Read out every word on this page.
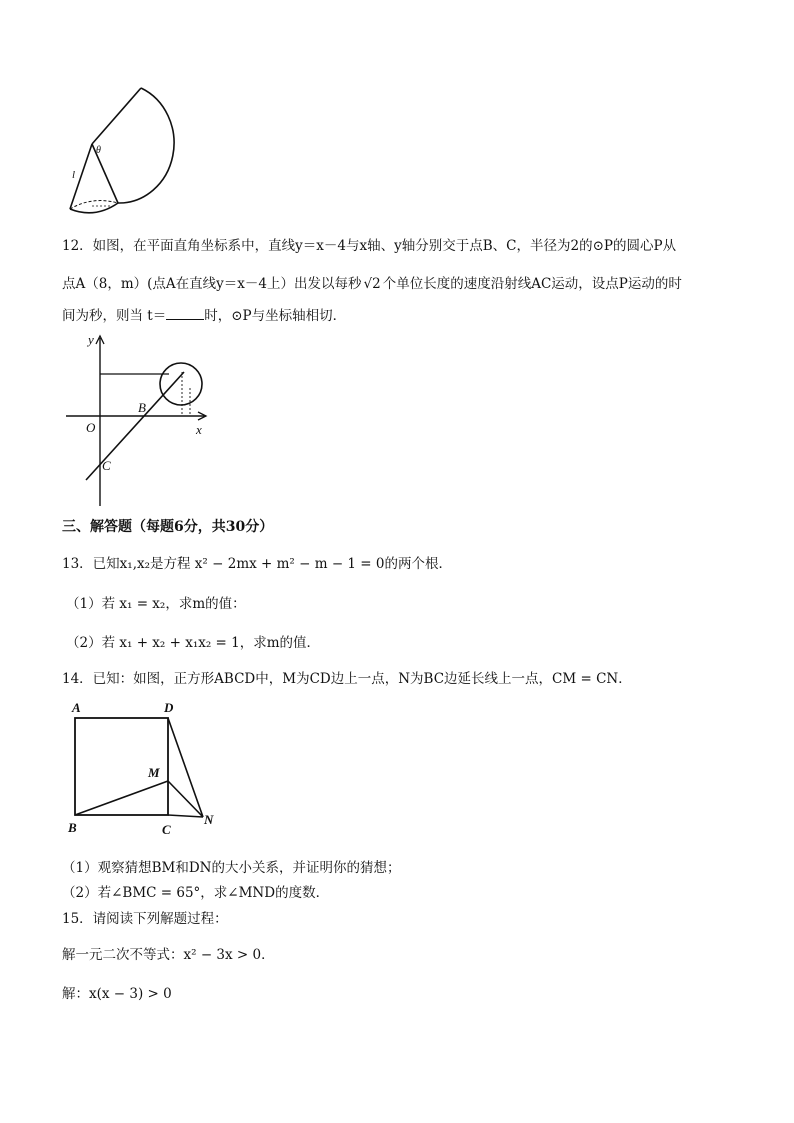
l
θ
12．如图，在平面直角坐标系中，直线y＝x－4与x轴、y轴分别交于点B、C，半径为2的⊙P的圆心P从
点A（8，m）(点A在直线y＝x－4上）出发以每秒 √2 个单位长度的速度沿射线AC运动，设点P运动的时
间为秒，则当 t＝	时，⊙P与坐标轴相切．
y
x
O
B
C
三、解答题（每题6分，共30分）
13．已知x₁,x₂是方程 x² − 2mx + m² − m − 1 = 0的两个根．
（1）若 x₁ = x₂，求m的值：
（2）若 x₁ + x₂ + x₁x₂ = 1，求m的值．
14．已知：如图，正方形ABCD中，M为CD边上一点，N为BC边延长线上一点，CM = CN．
A	D
M
B	C
N
（1）观察猜想BM和DN的大小关系，并证明你的猜想；
（2）若∠BMC = 65°，求∠MND的度数．
15．请阅读下列解题过程：
解一元二次不等式：x² − 3x > 0．
解：x(x − 3) > 0
